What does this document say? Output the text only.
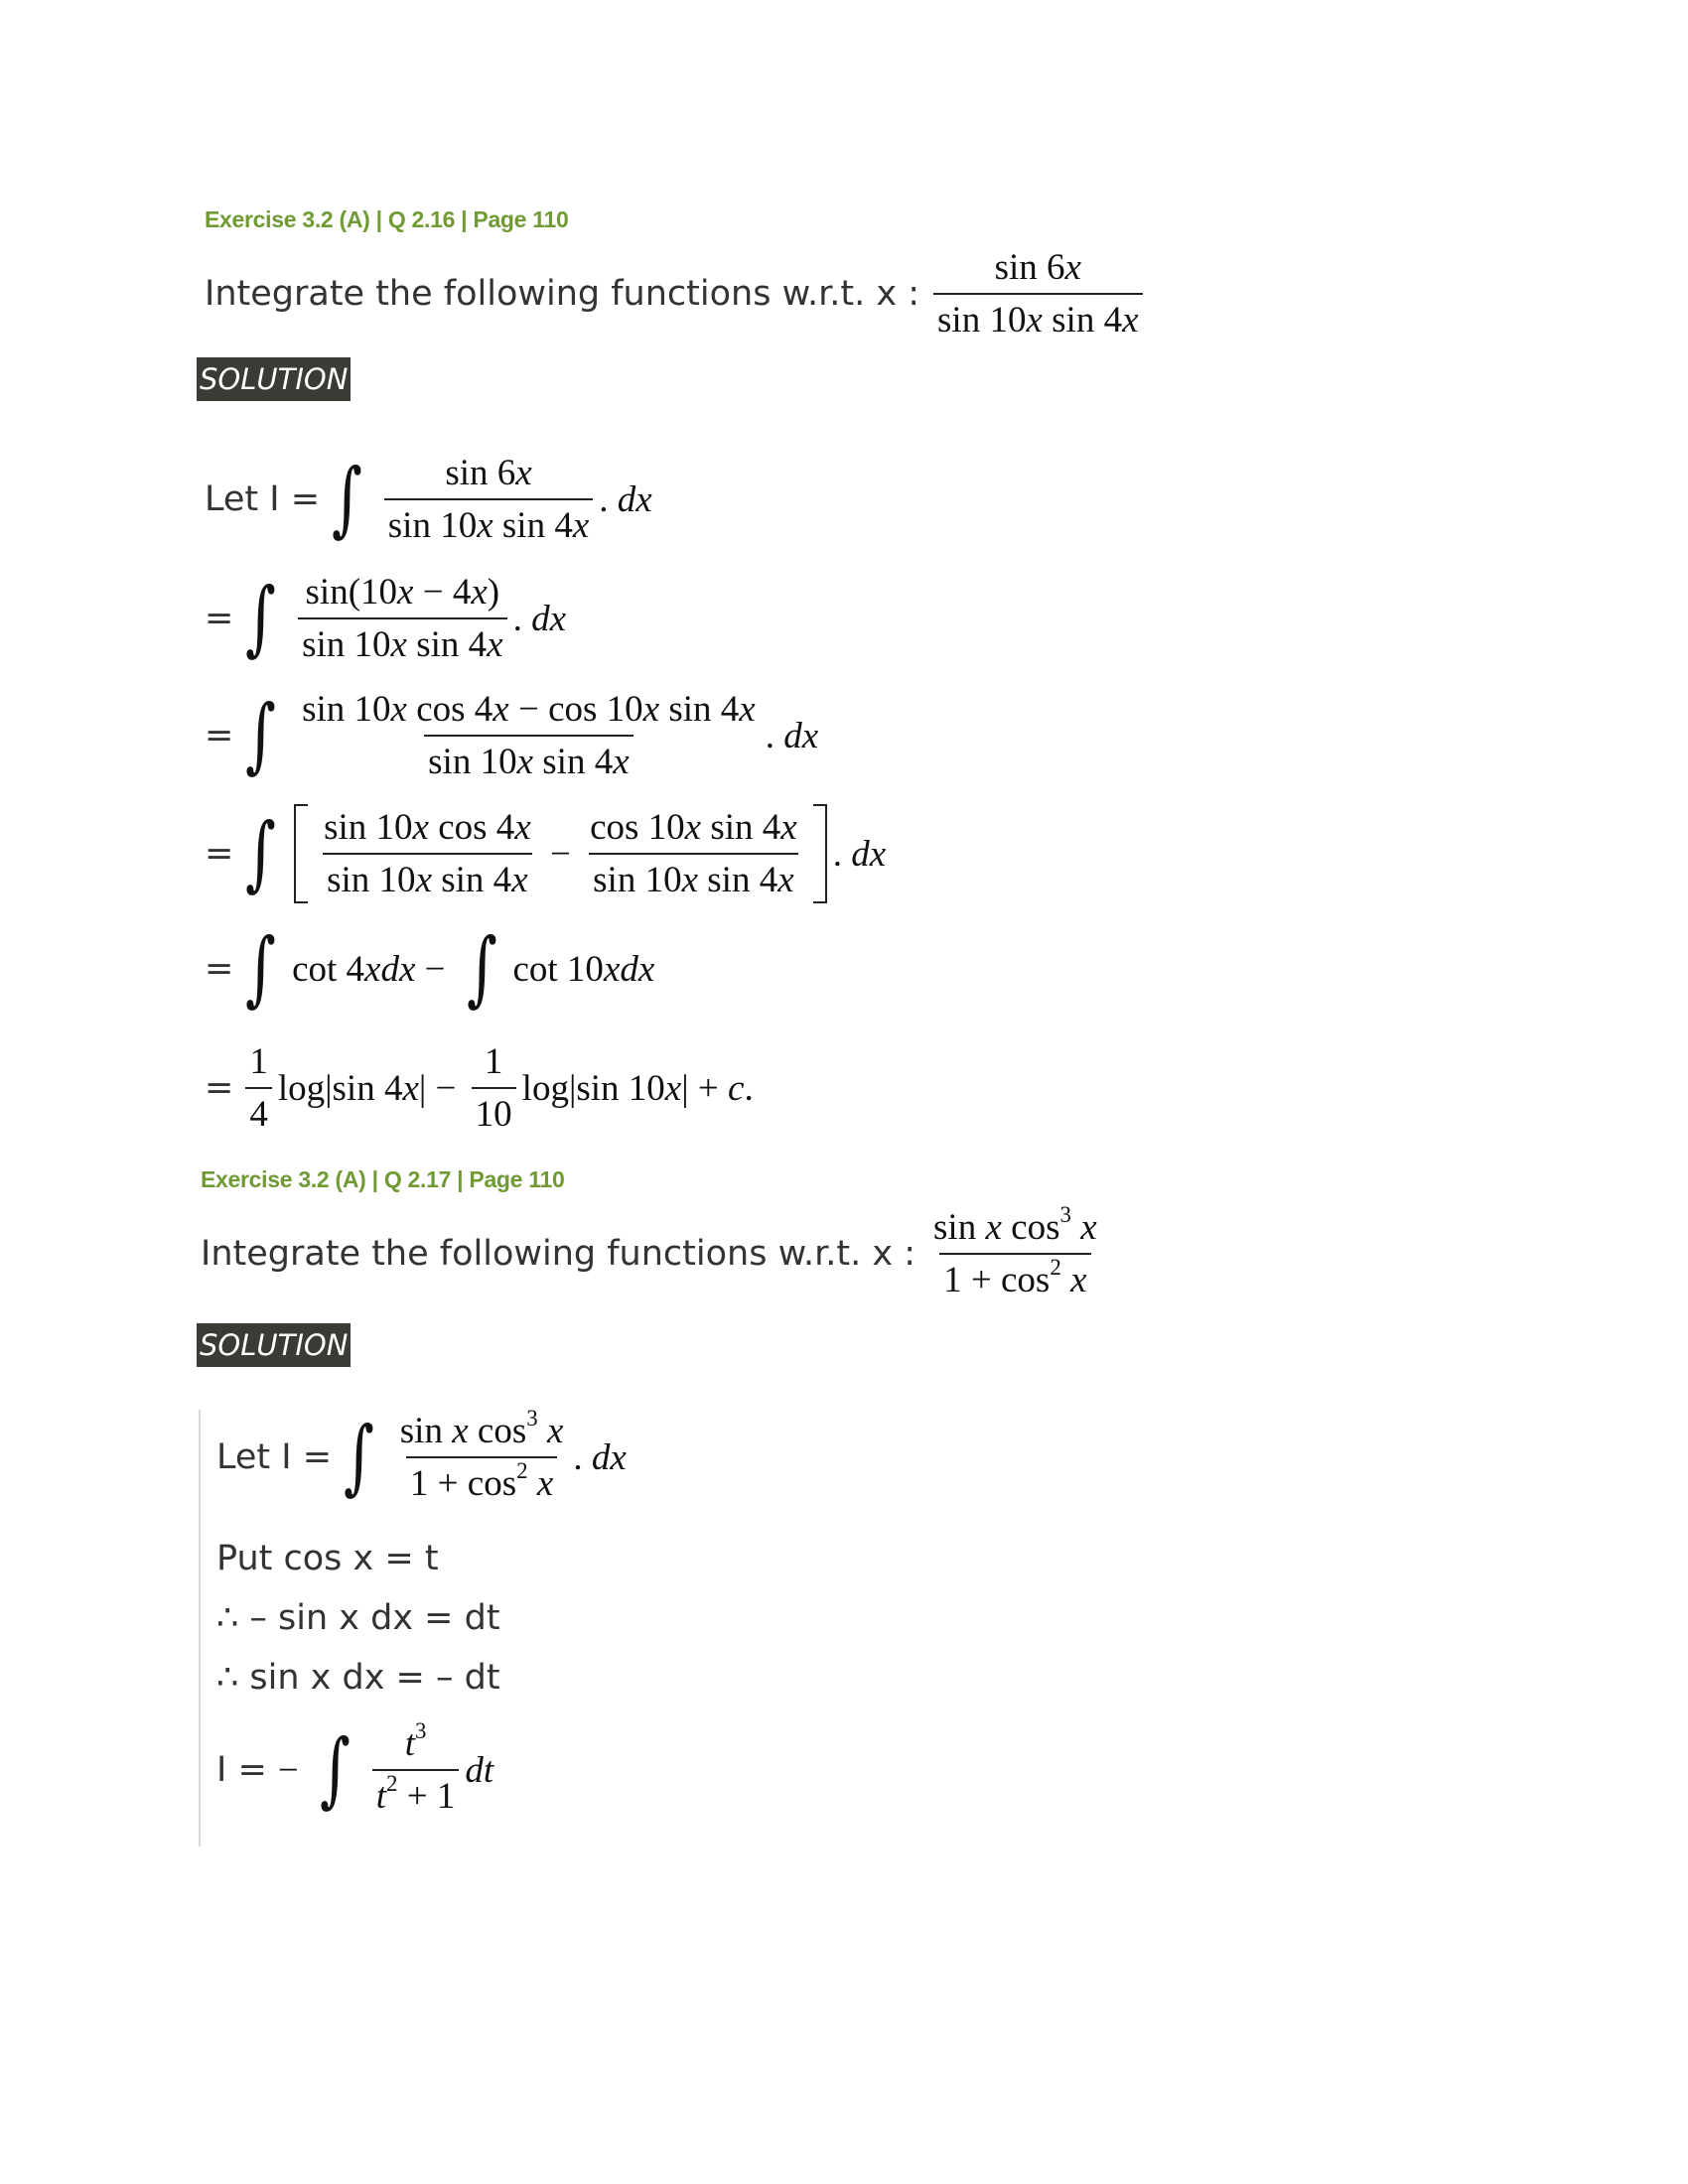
Exercise 3.2 (A) | Q 2.16 | Page 110
Integrate the following functions w.r.t. x : $\frac{\sin 6x}{\text{sin 10x sin 4x}}$
SOLUTION
Let I = ∫ $\frac{\sin 6x}{\text{sin 10x sin 4x}}$ . dx
= ∫ $\frac{\sin(10x - 4x)}{\text{sin 10x sin 4x}}$ . dx
= ∫ $\frac{\text{sin 10x cos 4x − cos 10x sin 4x}}{\text{sin 10x sin 4x}}$ . dx
= ∫ $\frac{\text{sin 10x cos 4x}}{\text{sin 10x sin 4x}} - \frac{\text{cos 10x sin 4x}}{\text{sin 10x sin 4x}}$ . dx
= ∫ cot 4xdx − ∫ cot 10xdx
= $\frac{1}{4} \log|\sin$ $4x| - \frac{1}{10} \log|\sin$ 10x| + c.
Exercise 3.2 (A) | Q 2.17 | Page 110
Integrate the following functions w.r.t. x : $\frac{\sin x \cos^3 x}{1 + \cos^2 x}$
SOLUTION
Let I = ∫ $\frac{\sin x \cos^3 x}{1 + \cos^2 x}$ . dx
Put cos x = t
∴ – sin x dx = dt
∴ sin x dx = – dt
I = − ∫ $\frac{t^3}{t^2 + 1}$ dt
